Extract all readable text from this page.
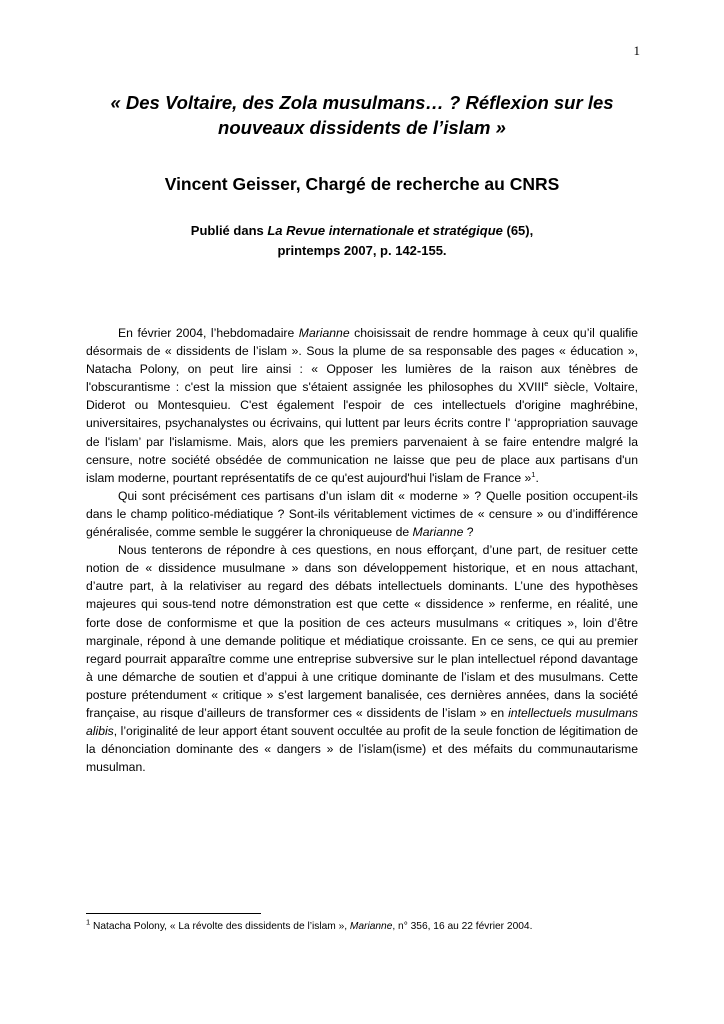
1
« Des Voltaire, des Zola musulmans… ? Réflexion sur les nouveaux dissidents de l’islam »
Vincent Geisser, Chargé de recherche au CNRS
Publié dans La Revue internationale et stratégique (65),
printemps 2007, p. 142-155.

En février 2004, l’hebdomadaire Marianne choisissait de rendre hommage à ceux qu’il qualifie désormais de « dissidents de l’islam ». Sous la plume de sa responsable des pages « éducation », Natacha Polony, on peut lire ainsi : « Opposer les lumières de la raison aux ténèbres de l'obscurantisme : c'est la mission que s'étaient assignée les philosophes du XVIIIe siècle, Voltaire, Diderot ou Montesquieu. C'est également l'espoir de ces intellectuels d'origine maghrébine, universitaires, psychanalystes ou écrivains, qui luttent par leurs écrits contre l' ‘appropriation sauvage de l'islam’ par l'islamisme. Mais, alors que les premiers parvenaient à se faire entendre malgré la censure, notre société obsédée de communication ne laisse que peu de place aux partisans d'un islam moderne, pourtant représentatifs de ce qu'est aujourd'hui l'islam de France »$^1$.

Qui sont précisément ces partisans d’un islam dit « moderne » ? Quelle position occupent-ils dans le champ politico-médiatique ? Sont-ils véritablement victimes de « censure » ou d’indifférence généralisée, comme semble le suggérer la chroniqueuse de Marianne ?

Nous tenterons de répondre à ces questions, en nous efforçant, d’une part, de resituer cette notion de « dissidence musulmane » dans son développement historique, et en nous attachant, d’autre part, à la relativiser au regard des débats intellectuels dominants. L’une des hypothèses majeures qui sous-tend notre démonstration est que cette « dissidence » renferme, en réalité, une forte dose de conformisme et que la position de ces acteurs musulmans « critiques », loin d’être marginale, répond à une demande politique et médiatique croissante. En ce sens, ce qui au premier regard pourrait apparaître comme une entreprise subversive sur le plan intellectuel répond davantage à une démarche de soutien et d’appui à une critique dominante de l’islam et des musulmans. Cette posture prétendument « critique » s’est largement banalisée, ces dernières années, dans la société française, au risque d’ailleurs de transformer ces « dissidents de l’islam » en intellectuels musulmans alibis, l’originalité de leur apport étant souvent occultée au profit de la seule fonction de légitimation de la dénonciation dominante des « dangers » de l’islam(isme) et des méfaits du communautarisme musulman.

$^1$ Natacha Polony, « La révolte des dissidents de l’islam », Marianne, n° 356, 16 au 22 février 2004.
